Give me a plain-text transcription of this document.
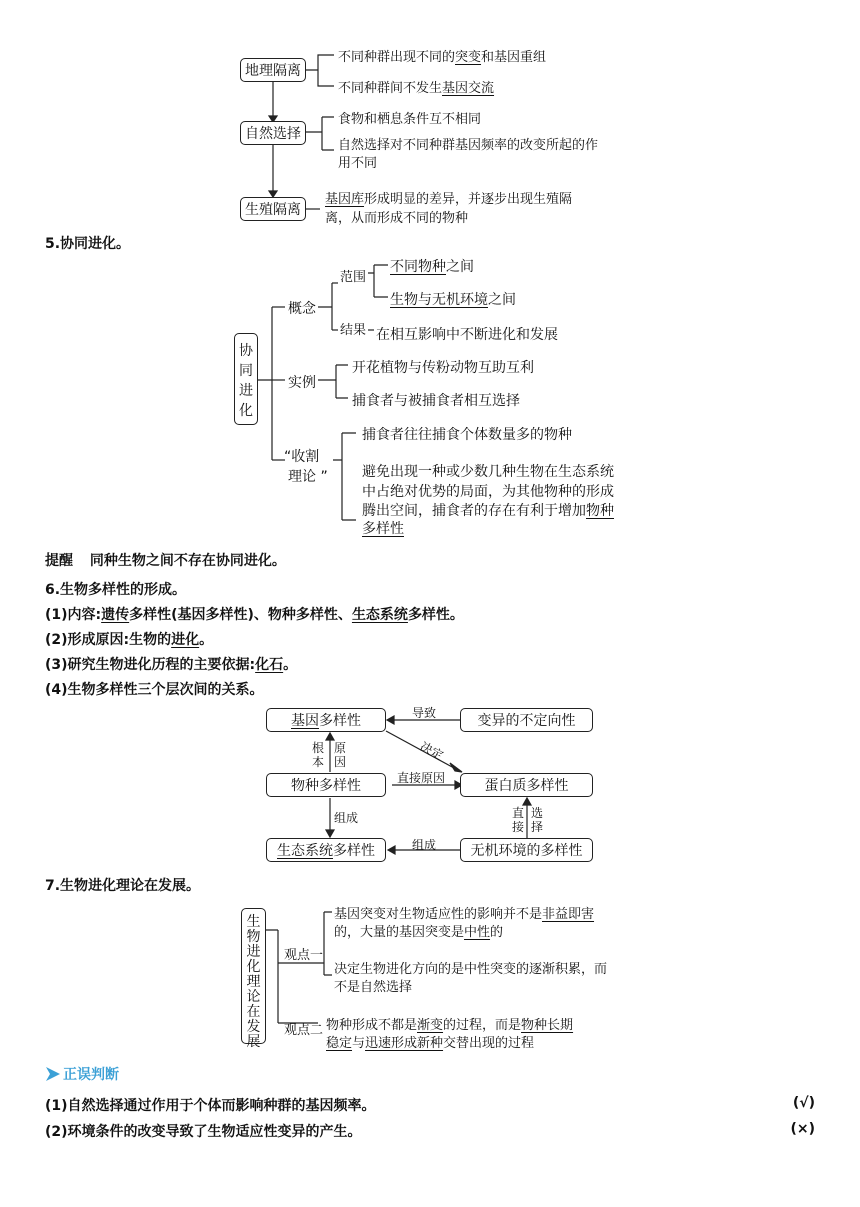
地理隔离
自然选择
生殖隔离
不同种群出现不同的突变和基因重组
不同种群间不发生基因交流
食物和栖息条件互不相同
自然选择对不同种群基因频率的改变所起的作
用不同
基因库形成明显的差异，并逐步出现生殖隔
离，从而形成不同的物种
5.协同进化。
协同进化
概念
范围
不同物种之间
生物与无机环境之间
结果 在相互影响中不断进化和发展
实例
开花植物与传粉动物互助互利
捕食者与被捕食者相互选择
“收割
理论 ”
捕食者往往捕食个体数量多的物种
避免出现一种或少数几种生物在生态系统
中占绝对优势的局面，为其他物种的形成
腾出空间，捕食者的存在有利于增加物种
多样性
提醒 同种生物之间不存在协同进化。
6.生物多样性的形成。
(1)内容:遗传多样性(基因多样性)、物种多样性、生态系统多样性。
(2)形成原因:生物的进化。
(3)研究生物进化历程的主要依据:化石。
(4)生物多样性三个层次间的关系。
基因 多样性	变异的不定向性
物种多样性	蛋白质多样性
生态系统 多样性	无机环境的多样性
导致
决定
根本
原因
直接原因
组成
组成
直接
选择
7.生物进化理论在发展。
生物进化理论在发展
观点一
基因突变对生物适应性的影响并不是非益即害
的，大量的基因突变是中性的
决定生物进化方向的是中性突变的逐渐积累，而
不是自然选择
观点二 物种形成不都是渐变的过程，而是物种长期
稳定与迅速形成新种交替出现的过程
正误判断
(1)自然选择通过作用于个体而影响种群的基因频率。	(√)
(2)环境条件的改变导致了生物适应性变异的产生。	(×)
